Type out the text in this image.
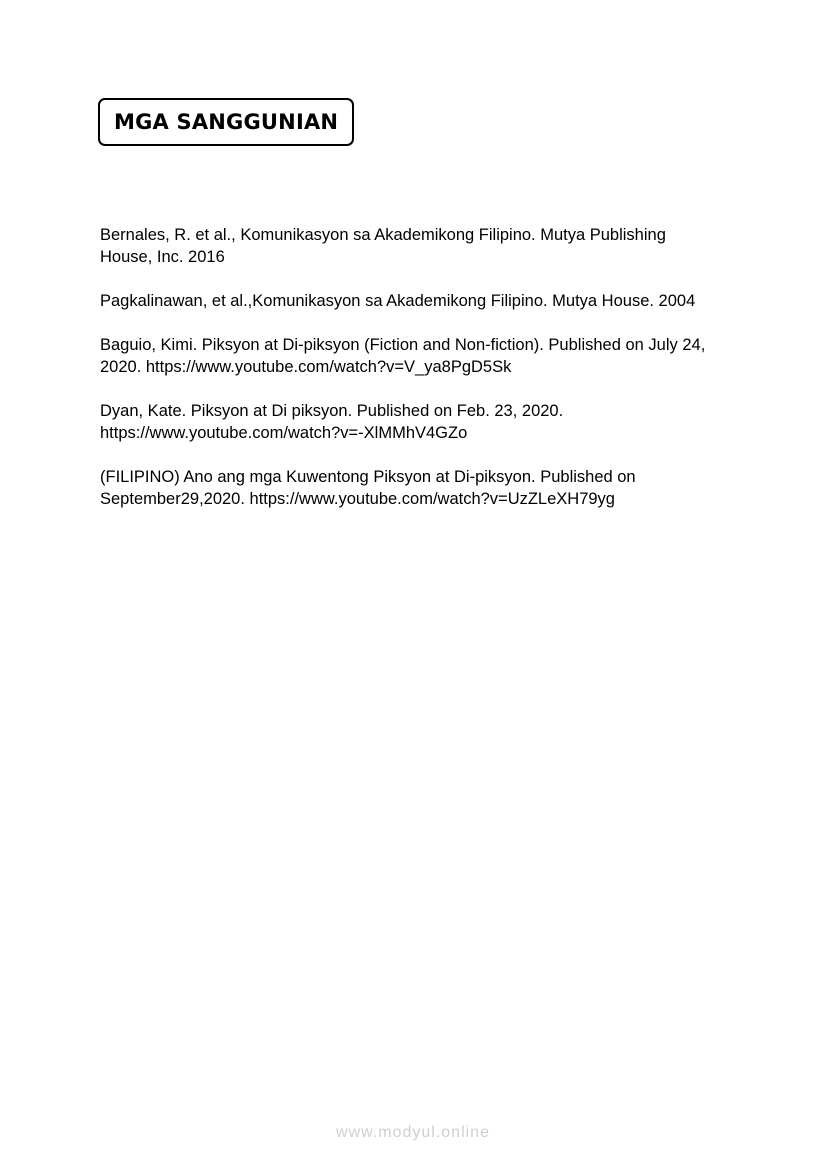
MGA SANGGUNIAN

Bernales, R. et al., Komunikasyon sa Akademikong Filipino. Mutya Publishing
House, Inc. 2016

Pagkalinawan, et al.,Komunikasyon sa Akademikong Filipino. Mutya House. 2004

Baguio, Kimi. Piksyon at Di-piksyon (Fiction and Non-fiction). Published on July 24,
2020. https://www.youtube.com/watch?v=V_ya8PgD5Sk

Dyan, Kate. Piksyon at Di piksyon. Published on Feb. 23, 2020.
https://www.youtube.com/watch?v=-XlMMhV4GZo

(FILIPINO) Ano ang mga Kuwentong Piksyon at Di-piksyon. Published on
September29,2020. https://www.youtube.com/watch?v=UzZLeXH79yg

www.modyul.online
